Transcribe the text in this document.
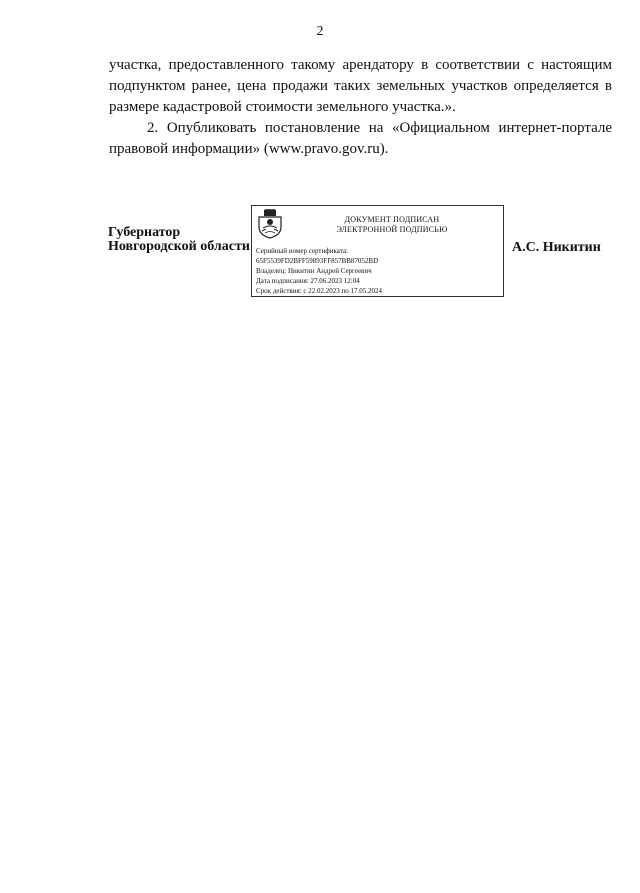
2

участка, предоставленного такому арендатору в соответствии с настоящим подпунктом ранее, цена продажи таких земельных участков определяется в размере кадастровой стоимости земельного участка.».

2. Опубликовать постановление на «Официальном интернет-портале правовой информации» (www.pravo.gov.ru).

Губернатор
Новгородской области
ДОКУМЕНТ ПОДПИСАН
ЭЛЕКТРОННОЙ ПОДПИСЬЮ
Серийный номер сертификата:
65F5539FD2BFF59893FF857BB87052BD
Владелец: Никитин Андрей Сергеевич
Дата подписания: 27.06.2023 12:04
Срок действия: с 22.02.2023 по 17.05.2024
А.С. Никитин
